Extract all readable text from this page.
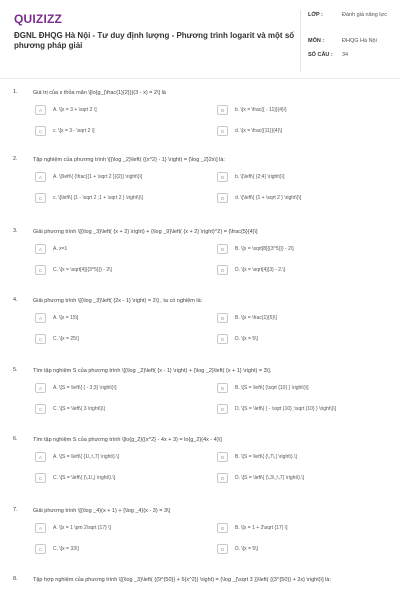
QUIZIZZ
ĐGNL ĐHQG Hà Nội - Tư duy định lượng - Phương trình logarit và một số phương pháp giải
LỚP :	Đánh giá năng lực
MÔN :	ĐHQG Hà Nội
SỐ CÂU :	34
1.	Giá trị của x thỏa mãn \[lo{g_{\frac{1}{2}}}(3 - x) = 2\] là
A	A. \[x = 3 + \sqrt 2 \]	B	b. \[x = \frac{{ - 11}}{4}\]
C	c. \[x = 3 - \sqrt 2 \]	D	d. \[x = \frac{{11}}{4}\]
2.	Tập nghiệm của phương trình \[{\log _2}\left( {{x^2} - 1} \right) = {\log _2}2x\] là:
A	A. \[\left\{ {\frac{{1 + \sqrt 2 }}{2}} \right\}\]	B	b. \[\left\{ {2;4} \right\}\]
C	c. \[\left\{ {1 - \sqrt 2 ;1 + \sqrt 2 } \right\}\]	D	d. \[\left\{ {1 + \sqrt 2 } \right\}\]
3.	Giải phương trình \[{\log _3}\left( {x + 2} \right) + {\log _9}\left( {x + 2} \right)^2} = {\frac{5}{4}\]
A	A. x=1	B	B. \[x = \sqrt[8]{{3^5}}} - 2\]
C	C. \[x = \sqrt[4]{{3^5}}} - 2\]	D	D. \[x = \sqrt[4]{3} - 2.\]
4.	Giải phương trình \[{\log _3}\left( {2x - 1} \right) = 2\] , ta có nghiệm là:
A	A. \[x = 15\]	B	B. \[x = \frac{1}{5}\]
C	C. \[x = 25\]	D	D. \[x = 5\]
5.	Tìm tập nghiệm S của phương trình \[{\log _2}\left( {x - 1} \right) + {\log _2}\left( {x + 1} \right) = 3\].
A	A. \[S = \left\{ { - 3;3} \right\}\]	B	B. \[S = \left\{ {\sqrt {10} } \right\}\]
C	C. \[S = \left\{ 3 \right\}\]	D	D. \[S = \left\{ { - \sqrt {10} ;\sqrt {10} } \right\}\]
6.	Tìm tập nghiệm S của phương trình \[lo{g_2}({x^2} - 4x + 3) = lo{g_2}(4x - 4)\]
A	A. \[S = \left\{ {1\,;\,7} \right\}.\]	B	B. \[S = \left\{ {\,7\,} \right\}.\]
C	C. \[S = \left\{ {\,1\,} \right\}.\]	D	D. \[S = \left\{ {\,3\,;\,7} \right\}.\]
7.	Giải phương trình \[{\log _4}(x + 1) + {\log _4}(x - 3) = 3\]
A	A. \[x = 1 \pm 2\sqrt {17} \]	B	B. \[x = 1 + 2\sqrt {17} \]
C	C. \[x = 33\]	D	D. \[x = 5\]
8.	Tập hợp nghiệm của phương trình \[{\log _3}\left( {{9^{50}} + 6{x^2}} \right) = {\log _{\sqrt 3 }}\left( {{3^{50}} + 2x} \right)\] là:
